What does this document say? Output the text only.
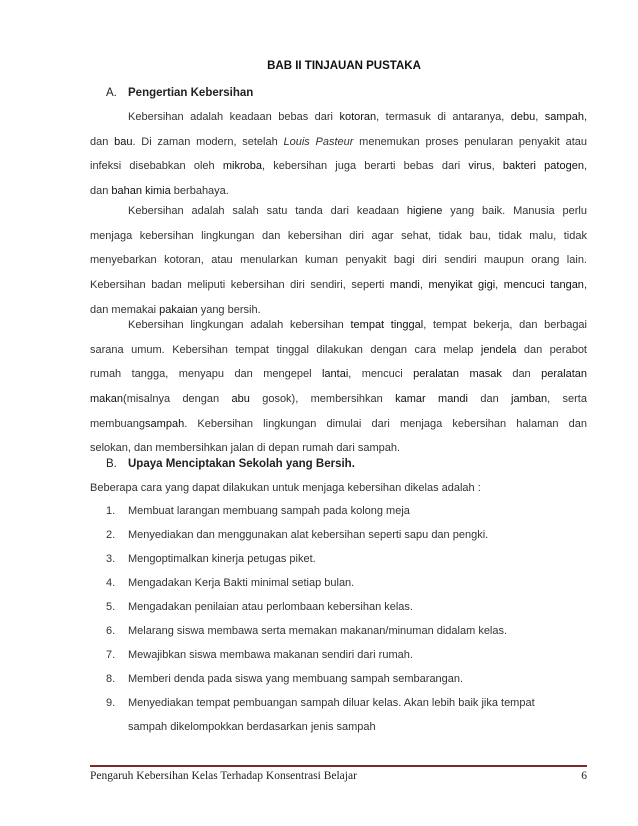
BAB II TINJAUAN PUSTAKA
A. Pengertian Kebersihan
Kebersihan adalah keadaan bebas dari kotoran, termasuk di antaranya, debu, sampah,
dan bau. Di zaman modern, setelah Louis Pasteur menemukan proses penularan penyakit atau
infeksi disebabkan oleh mikroba, kebersihan juga berarti bebas dari virus, bakteri patogen,
dan bahan kimia berbahaya.
Kebersihan adalah salah satu tanda dari keadaan higiene yang baik. Manusia perlu
menjaga kebersihan lingkungan dan kebersihan diri agar sehat, tidak bau, tidak malu, tidak
menyebarkan kotoran, atau menularkan kuman penyakit bagi diri sendiri maupun orang lain.
Kebersihan badan meliputi kebersihan diri sendiri, seperti mandi, menyikat gigi, mencuci tangan,
dan memakai pakaian yang bersih.
Kebersihan lingkungan adalah kebersihan tempat tinggal, tempat bekerja, dan berbagai
sarana umum. Kebersihan tempat tinggal dilakukan dengan cara melap jendela dan perabot
rumah tangga, menyapu dan mengepel lantai, mencuci peralatan masak dan peralatan
makan(misalnya dengan abu gosok), membersihkan kamar mandi dan jamban, serta
membuangsampah. Kebersihan lingkungan dimulai dari menjaga kebersihan halaman dan
selokan, dan membersihkan jalan di depan rumah dari sampah.
B. Upaya Menciptakan Sekolah yang Bersih.
Beberapa cara yang dapat dilakukan untuk menjaga kebersihan dikelas adalah :
1. Membuat larangan membuang sampah pada kolong meja
2. Menyediakan dan menggunakan alat kebersihan seperti sapu dan pengki.
3. Mengoptimalkan kinerja petugas piket.
4. Mengadakan Kerja Bakti minimal setiap bulan.
5. Mengadakan penilaian atau perlombaan kebersihan kelas.
6. Melarang siswa membawa serta memakan makanan/minuman didalam kelas.
7. Mewajibkan siswa membawa makanan sendiri dari rumah.
8. Memberi denda pada siswa yang membuang sampah sembarangan.
9. Menyediakan tempat pembuangan sampah diluar kelas. Akan lebih baik jika tempat
sampah dikelompokkan berdasarkan jenis sampah
Pengaruh Kebersihan Kelas Terhadap Konsentrasi Belajar	6
